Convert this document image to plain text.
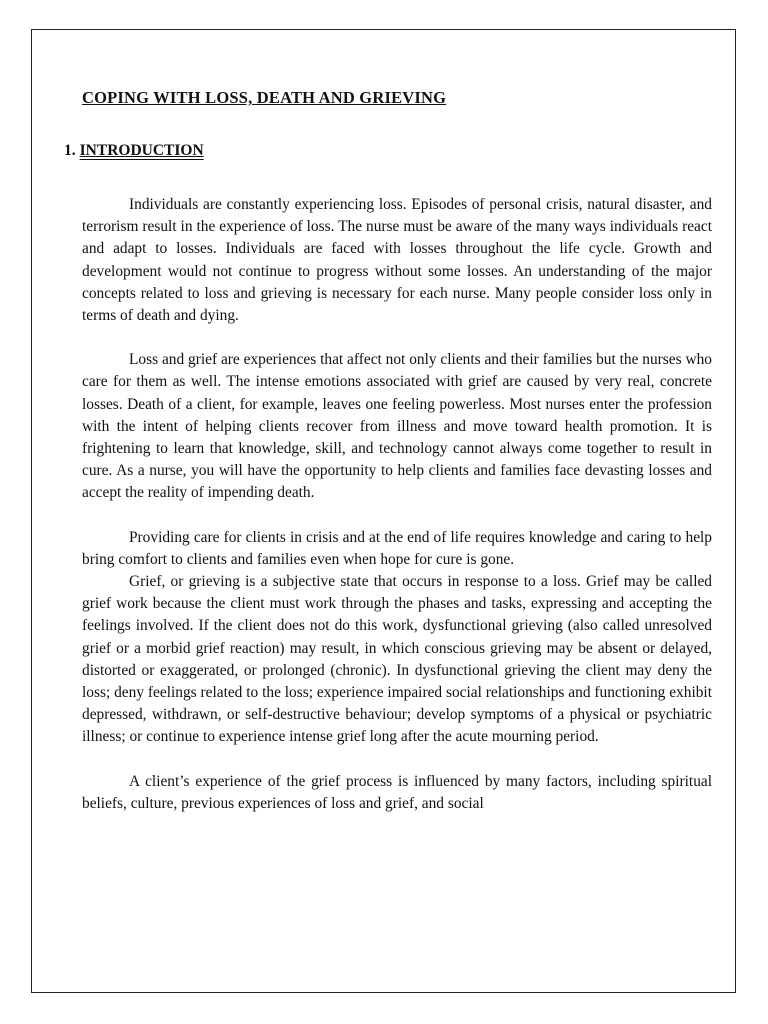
COPING WITH LOSS, DEATH AND GRIEVING
1. INTRODUCTION

Individuals are constantly experiencing loss. Episodes of personal crisis, natural disaster, and terrorism result in the experience of loss. The nurse must be aware of the many ways individuals react and adapt to losses. Individuals are faced with losses throughout the life cycle. Growth and development would not continue to progress without some losses. An understanding of the major concepts related to loss and grieving is necessary for each nurse. Many people consider loss only in terms of death and dying.

Loss and grief are experiences that affect not only clients and their families but the nurses who care for them as well. The intense emotions associated with grief are caused by very real, concrete losses. Death of a client, for example, leaves one feeling powerless. Most nurses enter the profession with the intent of helping clients recover from illness and move toward health promotion. It is frightening to learn that knowledge, skill, and technology cannot always come together to result in cure. As a nurse, you will have the opportunity to help clients and families face devasting losses and accept the reality of impending death.

Providing care for clients in crisis and at the end of life requires knowledge and caring to help bring comfort to clients and families even when hope for cure is gone.

Grief, or grieving is a subjective state that occurs in response to a loss. Grief may be called grief work because the client must work through the phases and tasks, expressing and accepting the feelings involved. If the client does not do this work, dysfunctional grieving (also called unresolved grief or a morbid grief reaction) may result, in which conscious grieving may be absent or delayed, distorted or exaggerated, or prolonged (chronic). In dysfunctional grieving the client may deny the loss; deny feelings related to the loss; experience impaired social relationships and functioning exhibit depressed, withdrawn, or self-destructive behaviour; develop symptoms of a physical or psychiatric illness; or continue to experience intense grief long after the acute mourning period.

A client’s experience of the grief process is influenced by many factors, including spiritual beliefs, culture, previous experiences of loss and grief, and social
